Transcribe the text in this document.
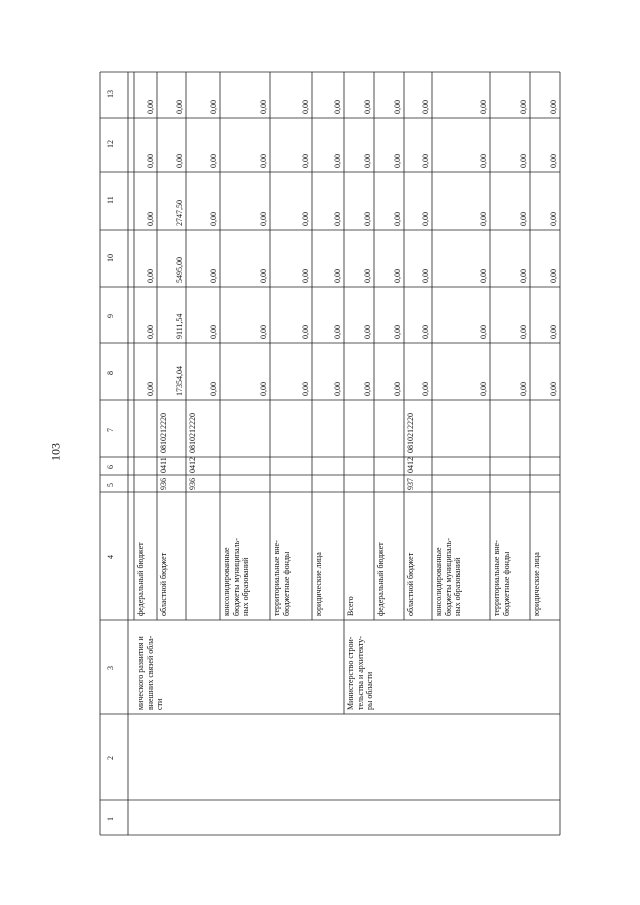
103
1
2
3
4
5
6
7
8
9
10
11
12
13
мического развития и
внешних связей обла-
сти
федеральный бюджет
0,00
0,00
0,00
0,00
0,00
0,00
областной бюджет
936
0411
0810212220
17354,04
9111,54
5495,00
2747,50
0,00
0,00
936
0412
0810212220
0,00
0,00
0,00
0,00
0,00
0,00
консолидированные
бюджеты муниципаль-
ных образований
0,00
0,00
0,00
0,00
0,00
0,00
территориальные вне-
бюджетные фонды
0,00
0,00
0,00
0,00
0,00
0,00
юридические лица
0,00
0,00
0,00
0,00
0,00
0,00
Министерство строи-
тельства и архитекту-
ры области
Всего
0,00
0,00
0,00
0,00
0,00
0,00
федеральный бюджет
0,00
0,00
0,00
0,00
0,00
0,00
областной бюджет
937
0412
0810212220
0,00
0,00
0,00
0,00
0,00
0,00
консолидированные
бюджеты муниципаль-
ных образований
0,00
0,00
0,00
0,00
0,00
0,00
территориальные вне-
бюджетные фонды
0,00
0,00
0,00
0,00
0,00
0,00
юридические лица
0,00
0,00
0,00
0,00
0,00
0,00
